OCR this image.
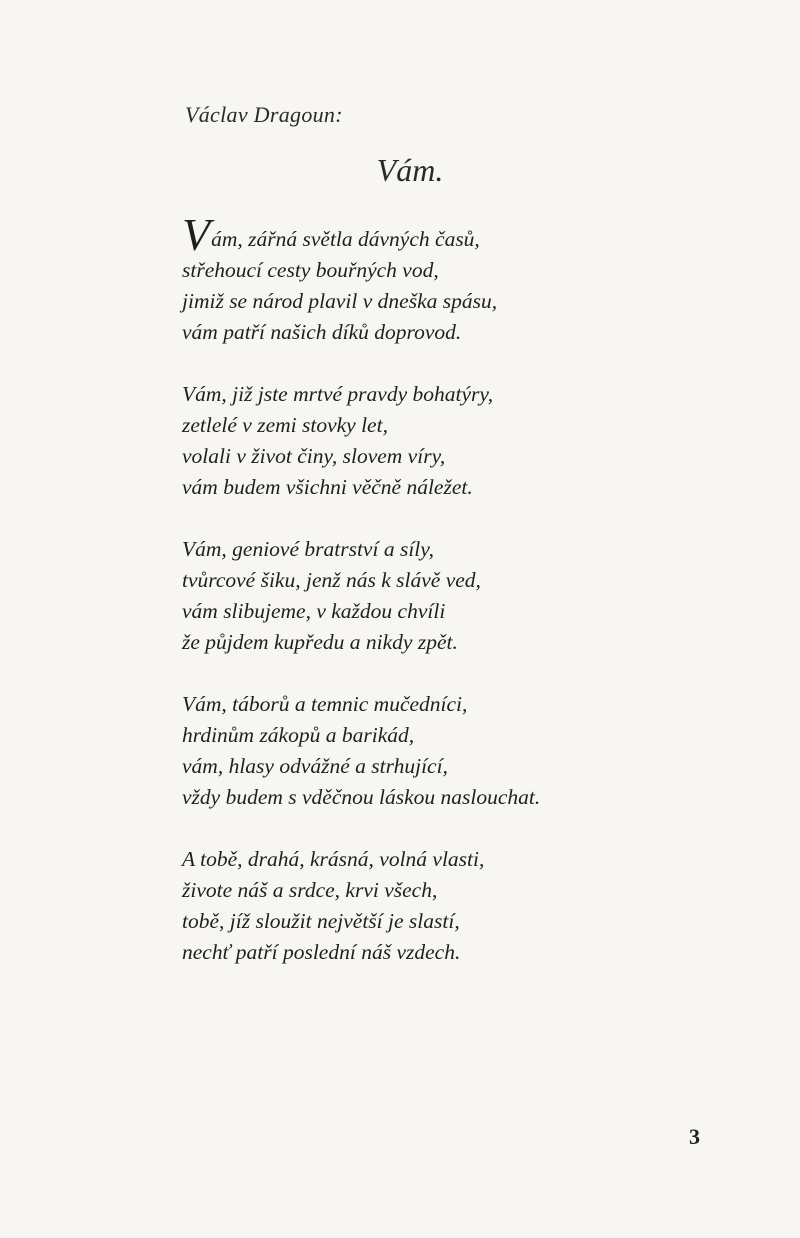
Václav Dragoun:
Vám.
Vám, zářná světla dávných časů,
střehoucí cesty bouřných vod,
jimiž se národ plavil v dneška spásu,
vám patří našich díků doprovod.
Vám, již jste mrtvé pravdy bohatýry,
zetlelé v zemi stovky let,
volali v život činy, slovem víry,
vám budem všichni věčně náležet.
Vám, geniové bratrství a síly,
tvůrcové šiku, jenž nás k slávě ved,
vám slibujeme, v každou chvíli
že půjdem kupředu a nikdy zpět.
Vám, táborů a temnic mučedníci,
hrdinům zákopů a barikád,
vám, hlasy odvážné a strhující,
vždy budem s vděčnou láskou naslouchat.
A tobě, drahá, krásná, volná vlasti,
živote náš a srdce, krvi všech,
tobě, jíž sloužit největší je slastí,
nechť patří poslední náš vzdech.
3
